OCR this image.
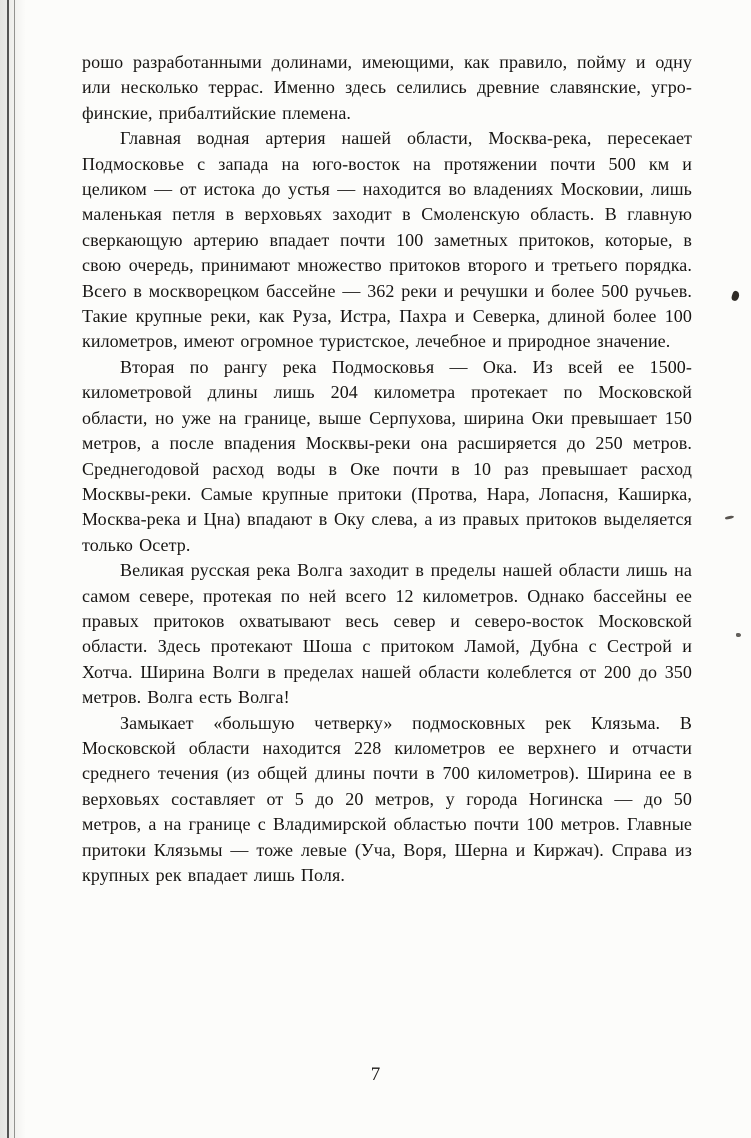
рошо разработанными долинами, имеющими, как правило, пойму и одну или несколько террас. Именно здесь селились древние славянские, угро-финские, прибалтийские племена.

Главная водная артерия нашей области, Москва-река, пересекает Подмосковье с запада на юго-восток на протяжении почти 500 км и целиком — от истока до устья — находится во владениях Московии, лишь маленькая петля в верховьях заходит в Смоленскую область. В главную сверкающую артерию впадает почти 100 заметных притоков, которые, в свою очередь, принимают множество притоков второго и третьего порядка. Всего в москворецком бассейне — 362 реки и речушки и более 500 ручьев. Такие крупные реки, как Руза, Истра, Пахра и Северка, длиной более 100 километров, имеют огромное туристское, лечебное и природное значение.

Вторая по рангу река Подмосковья — Ока. Из всей ее 1500-километровой длины лишь 204 километра протекает по Московской области, но уже на границе, выше Серпухова, ширина Оки превышает 150 метров, а после впадения Москвы-реки она расширяется до 250 метров. Среднегодовой расход воды в Оке почти в 10 раз превышает расход Москвы-реки. Самые крупные притоки (Протва, Нара, Лопасня, Каширка, Москва-река и Цна) впадают в Оку слева, а из правых притоков выделяется только Осетр.

Великая русская река Волга заходит в пределы нашей области лишь на самом севере, протекая по ней всего 12 километров. Однако бассейны ее правых притоков охватывают весь север и северо-восток Московской области. Здесь протекают Шоша с притоком Ламой, Дубна с Сестрой и Хотча. Ширина Волги в пределах нашей области колеблется от 200 до 350 метров. Волга есть Волга!

Замыкает «большую четверку» подмосковных рек Клязьма. В Московской области находится 228 километров ее верхнего и отчасти среднего течения (из общей длины почти в 700 километров). Ширина ее в верховьях составляет от 5 до 20 метров, у города Ногинска — до 50 метров, а на границе с Владимирской областью почти 100 метров. Главные притоки Клязьмы — тоже левые (Уча, Воря, Шерна и Киржач). Справа из крупных рек впадает лишь Поля.

7
